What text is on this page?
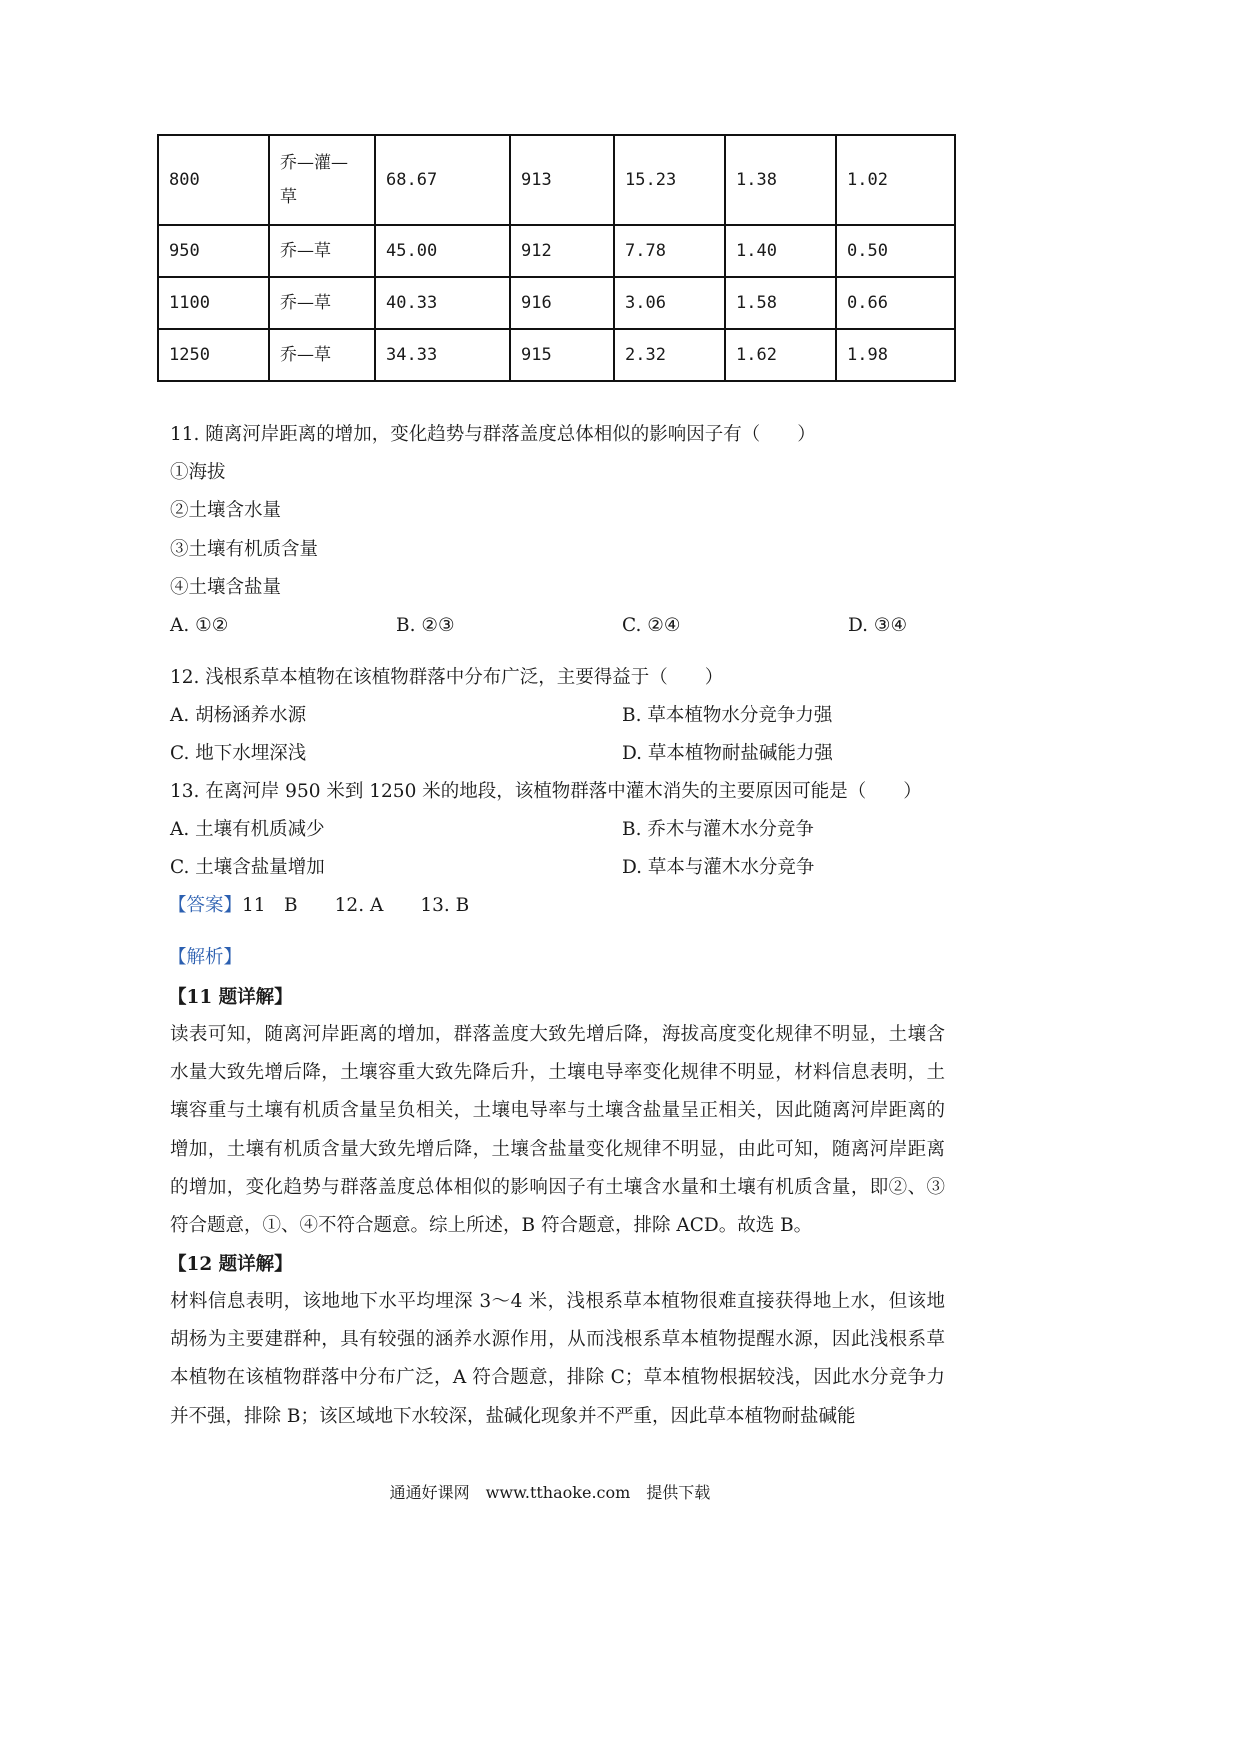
800	乔—灌—草	68.67	913	15.23	1.38	1.02
950	乔—草	45.00	912	7.78	1.40	0.50
1100	乔—草	40.33	916	3.06	1.58	0.66
1250	乔—草	34.33	915	2.32	1.62	1.98
11. 随离河岸距离的增加，变化趋势与群落盖度总体相似的影响因子有（　　）
①海拔
②土壤含水量
③土壤有机质含量
④土壤含盐量
A. ①②	B. ②③	C. ②④	D. ③④
12. 浅根系草本植物在该植物群落中分布广泛，主要得益于（　　）
A. 胡杨涵养水源	B. 草本植物水分竞争力强
C. 地下水埋深浅	D. 草本植物耐盐碱能力强
13. 在离河岸 950 米到 1250 米的地段，该植物群落中灌木消失的主要原因可能是（　　）
A. 土壤有机质减少	B. 乔木与灌木水分竞争
C. 土壤含盐量增加	D. 草本与灌木水分竞争
【答案】11　B　　12. A　　13. B
【解析】
【11 题详解】
读表可知，随离河岸距离的增加，群落盖度大致先增后降，海拔高度变化规律不明显，土壤含水量大致先增后降，土壤容重大致先降后升，土壤电导率变化规律不明显，材料信息表明，土壤容重与土壤有机质含量呈负相关，土壤电导率与土壤含盐量呈正相关，因此随离河岸距离的增加，土壤有机质含量大致先增后降，土壤含盐量变化规律不明显，由此可知，随离河岸距离的增加，变化趋势与群落盖度总体相似的影响因子有土壤含水量和土壤有机质含量，即②、③符合题意，①、④不符合题意。综上所述，B 符合题意，排除 ACD。故选 B。
【12 题详解】
材料信息表明，该地地下水平均埋深 3～4 米，浅根系草本植物很难直接获得地上水，但该地胡杨为主要建群种，具有较强的涵养水源作用，从而浅根系草本植物提醒水源，因此浅根系草本植物在该植物群落中分布广泛，A 符合题意，排除 C；草本植物根据较浅，因此水分竞争力并不强，排除 B；该区域地下水较深，盐碱化现象并不严重，因此草本植物耐盐碱能
通通好课网　www.tthaoke.com　提供下载
